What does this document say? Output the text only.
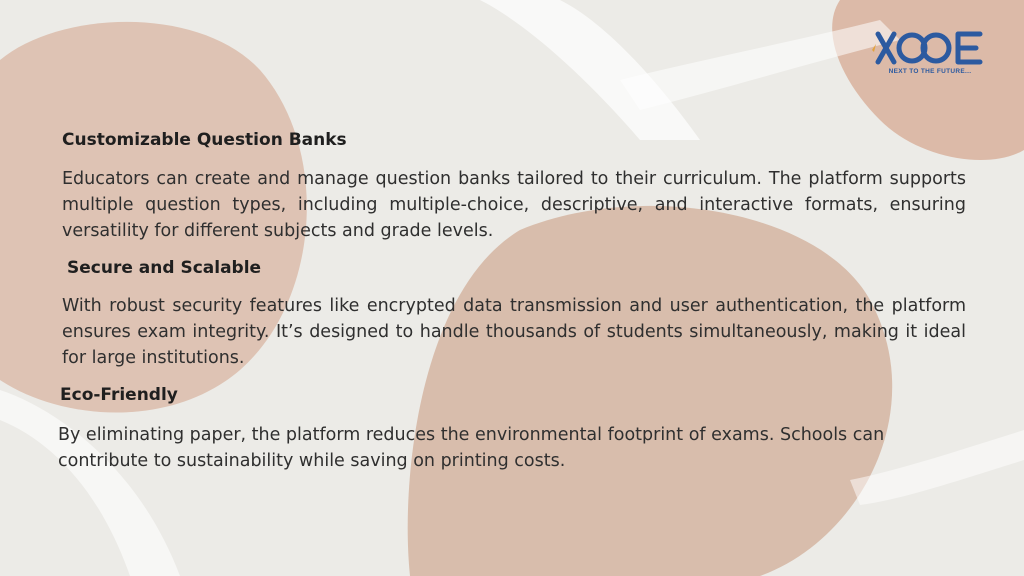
NEXT TO THE FUTURE...
Customizable Question Banks

Educators can create and manage question banks tailored to their curriculum. The platform supports multiple question types, including multiple-choice, descriptive, and interactive formats, ensuring versatility for different subjects and grade levels.

Secure and Scalable

With robust security features like encrypted data transmission and user authentication, the platform ensures exam integrity. It’s designed to handle thousands of students simultaneously, making it ideal for large institutions.

Eco-Friendly

By eliminating paper, the platform reduces the environmental footprint of exams. Schools can contribute to sustainability while saving on printing costs.
